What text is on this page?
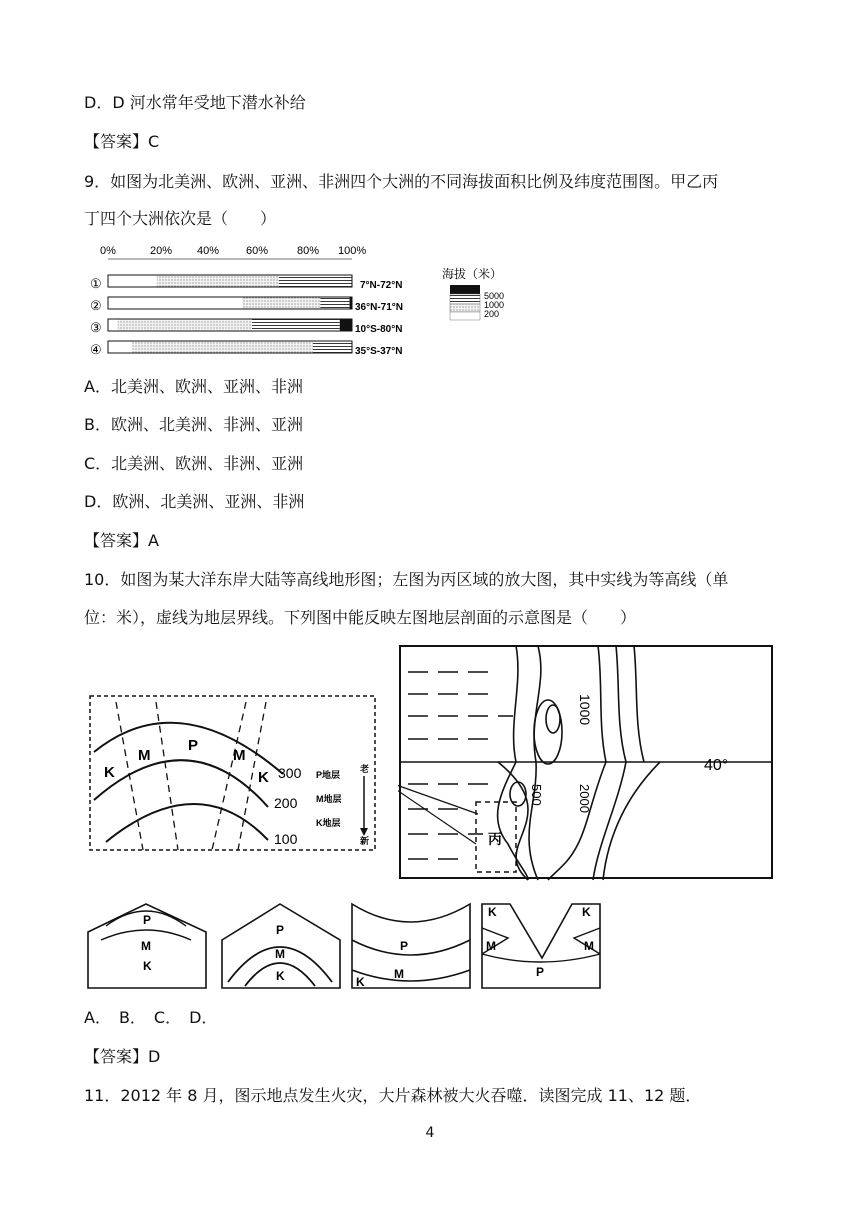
D．D 河水常年受地下潜水补给
【答案】C
9．如图为北美洲、欧洲、亚洲、非洲四个大洲的不同海拔面积比例及纬度范围图。甲乙丙
丁四个大洲依次是（　　）
0%	20% 40% 60%	80% 100%
①
②
③
④
7°N-72°N
36°N-71°N
10°S-80°N
35°S-37°N
海拔（米）
5000
1000
200
A．北美洲、欧洲、亚洲、非洲
B．欧洲、北美洲、非洲、亚洲
C．北美洲、欧洲、非洲、亚洲
D．欧洲、北美洲、亚洲、非洲
【答案】A
10．如图为某大洋东岸大陆等高线地形图；左图为丙区域的放大图，其中实线为等高线（单
位：米），虚线为地层界线。下列图中能反映左图地层剖面的示意图是（　　）
K
M
P
M
K 300
200
100
P地层
M地层
K地层
老
新
1000
500	2000
40°
丙
P
M
K
P
M
K
P
M
K
K	K
M	M
P
A．　B．　C．　D．
【答案】D
11．2012 年 8 月，图示地点发生火灾，大片森林被大火吞噬．读图完成 11、12 题．
4
